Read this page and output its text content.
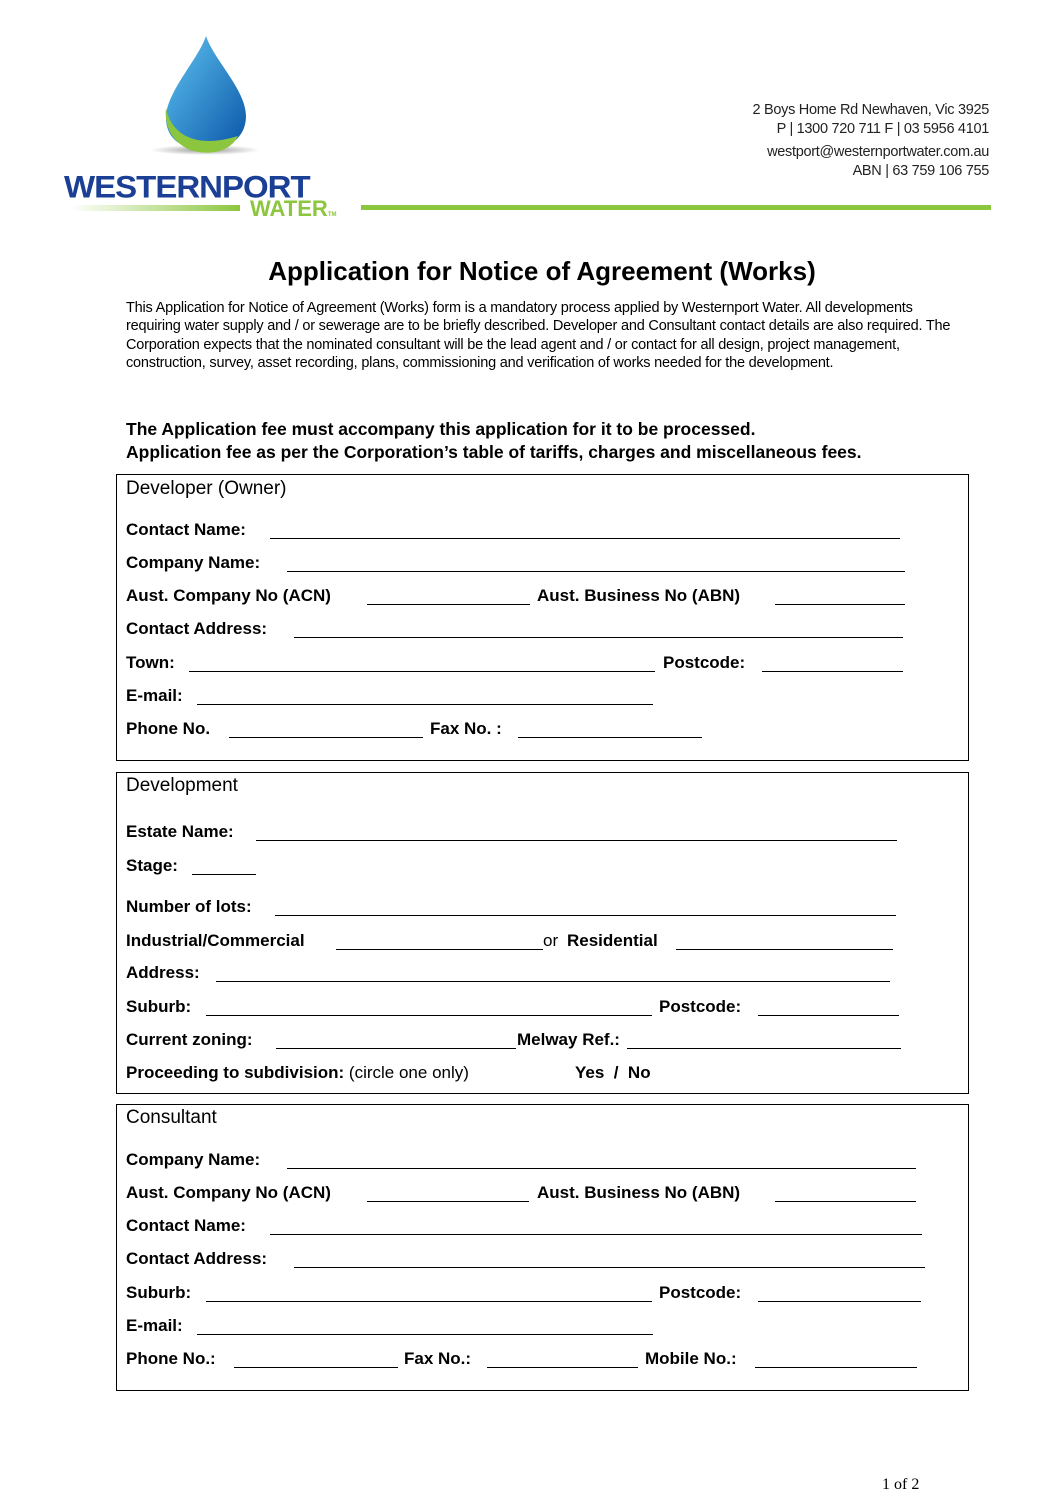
WESTERNPORT
WATERTM
2 Boys Home Rd Newhaven, Vic 3925
P | 1300 720 711 F | 03 5956 4101
westport@westernportwater.com.au
ABN | 63 759 106 755
Application for Notice of Agreement (Works)
This Application for Notice of Agreement (Works) form is a mandatory process applied by Westernport Water. All developments requiring water supply and / or sewerage are to be briefly described. Developer and Consultant contact details are also required. The Corporation expects that the nominated consultant will be the lead agent and / or contact for all design, project management, construction, survey, asset recording, plans, commissioning and verification of works needed for the development.
The Application fee must accompany this application for it to be processed.
Application fee as per the Corporation’s table of tariffs, charges and miscellaneous fees.
Developer (Owner)
Contact Name:
Company Name:
Aust. Company No (ACN)	Aust. Business No (ABN)
Contact Address:
Town:	Postcode:
E-mail:
Phone No.	Fax No. :
Development
Estate Name:
Stage:
Number of lots:
Industrial/Commercial	or Residential
Address:
Suburb:	Postcode:
Current zoning:	Melway Ref.:
Proceeding to subdivision: (circle one only)	Yes  /  No
Consultant
Company Name:
Aust. Company No (ACN)	Aust. Business No (ABN)
Contact Name:
Contact Address:
Suburb:	Postcode:
E-mail:
Phone No.:	Fax No.:	Mobile No.:
1 of 2
